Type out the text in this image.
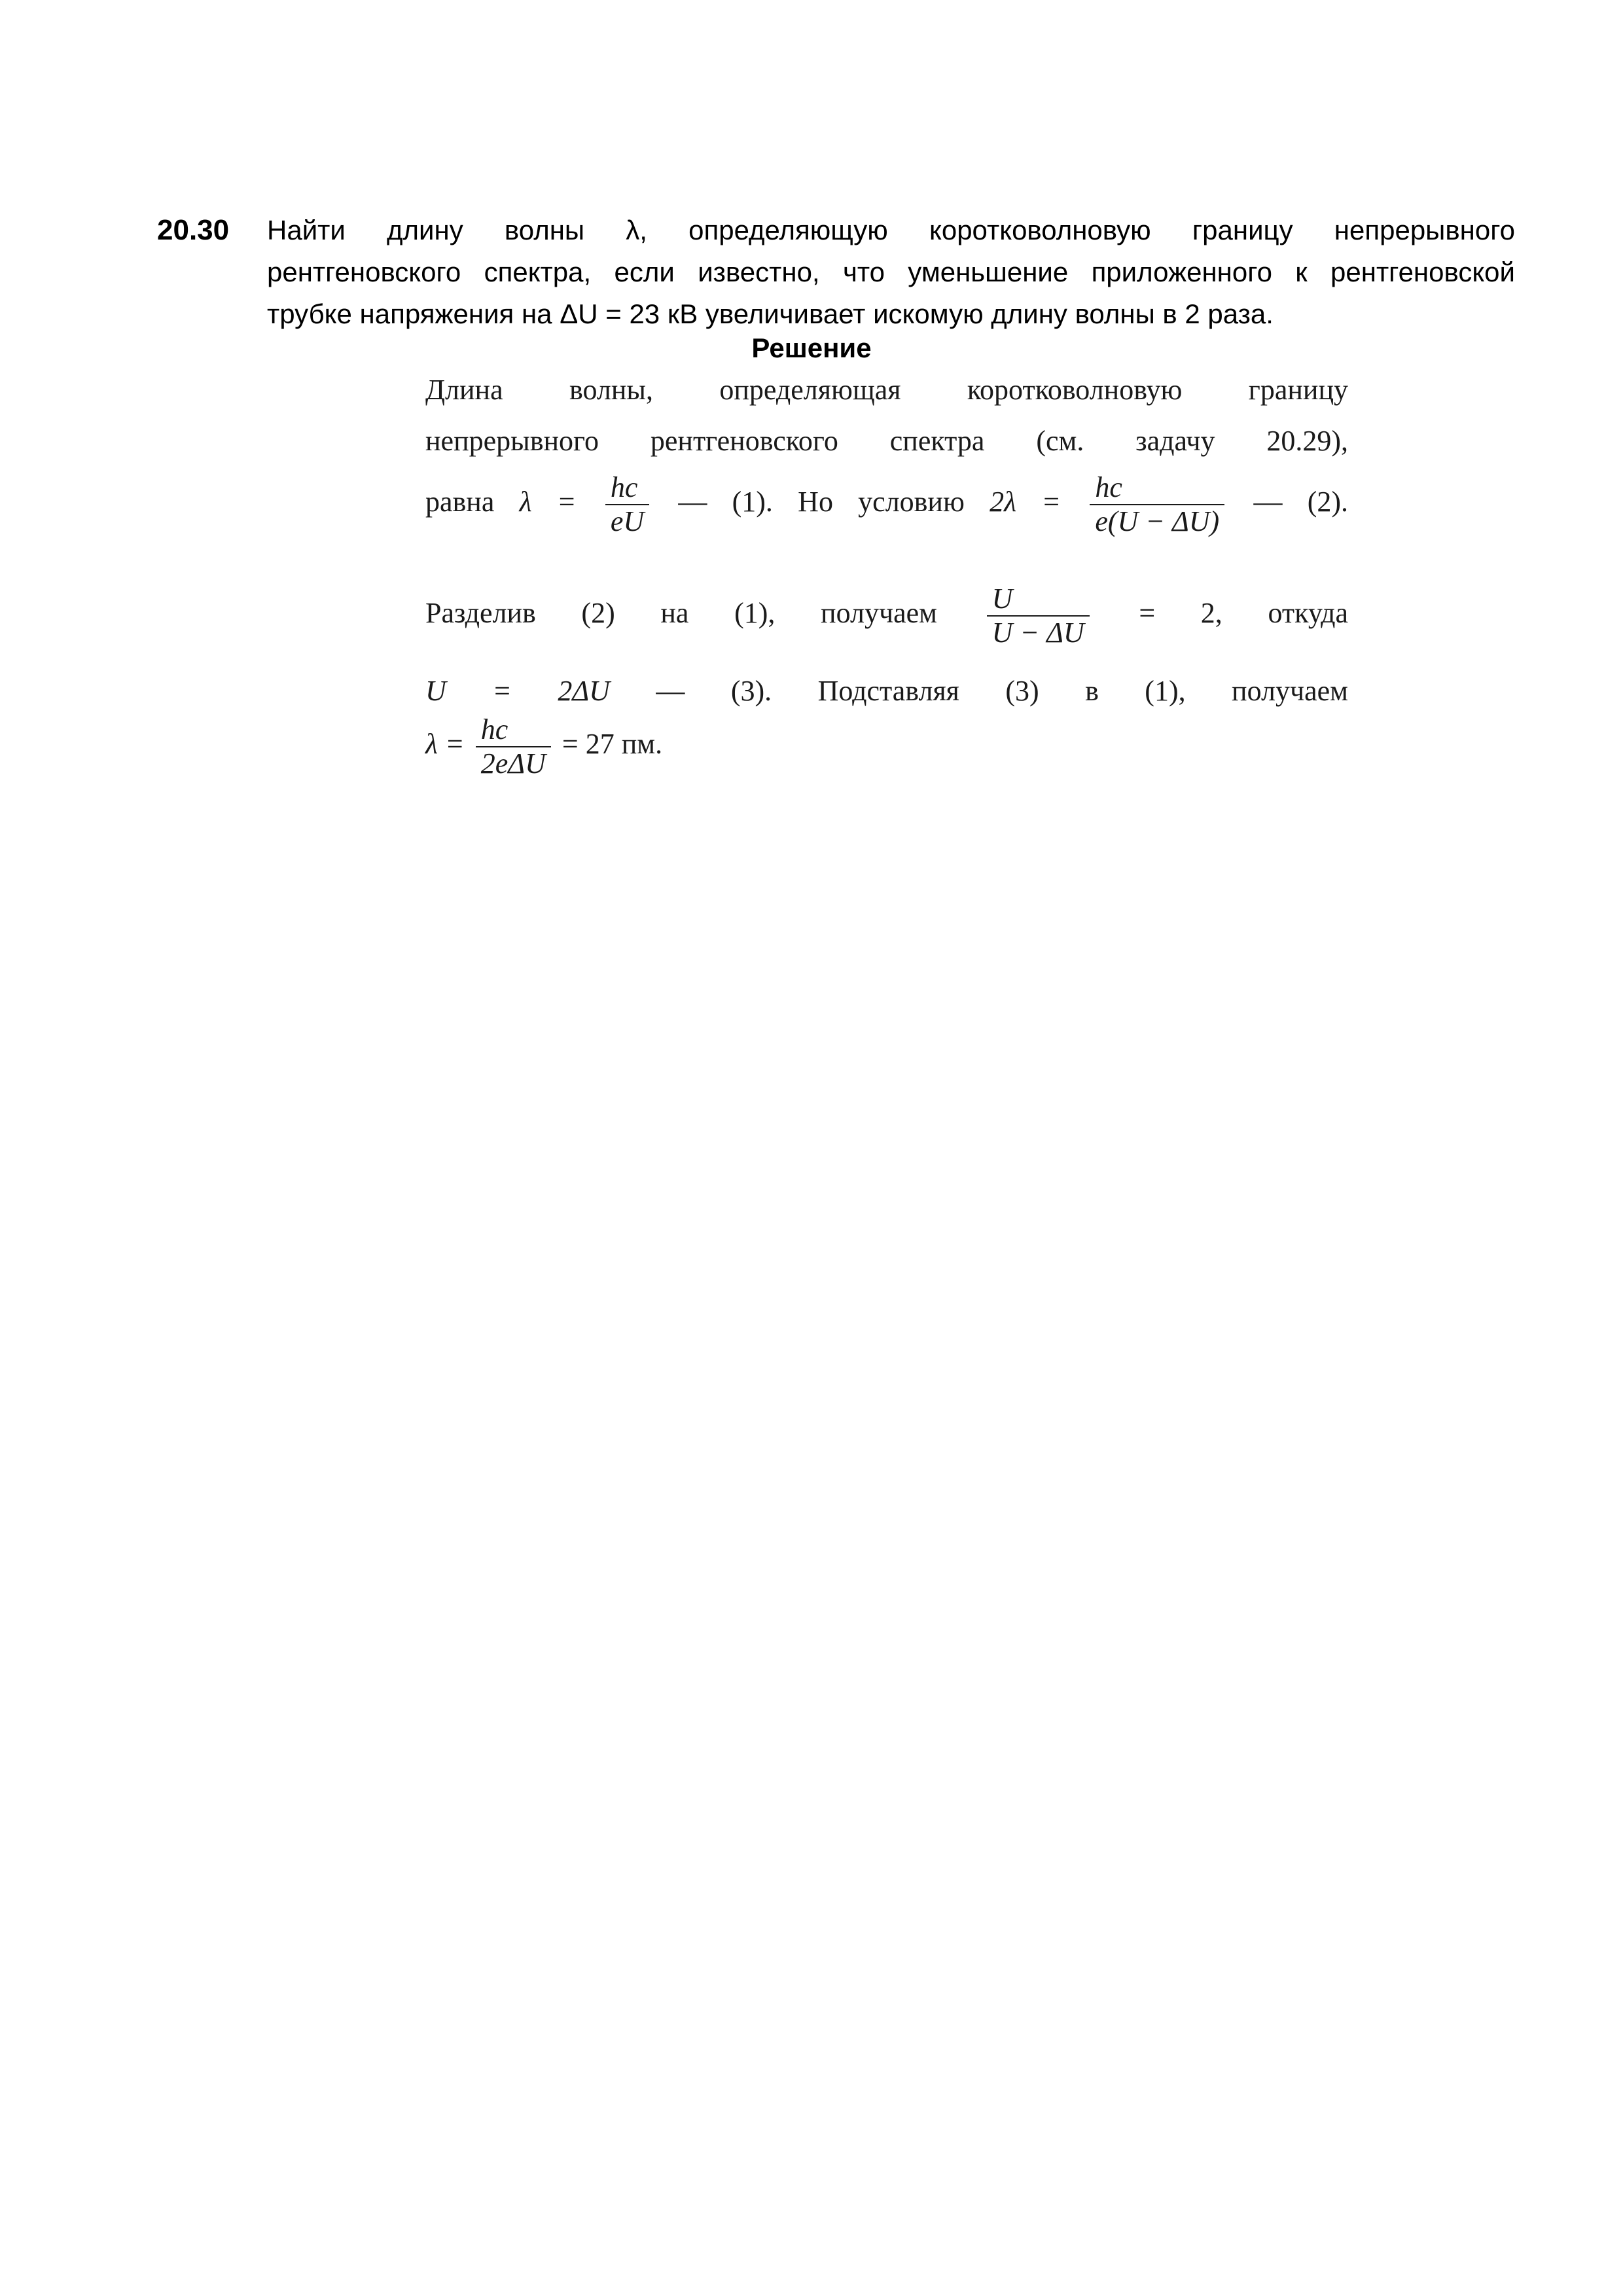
20.30 Найти длину волны λ, определяющую коротковолновую границу непрерывного
рентгеновского спектра, если известно, что уменьшение приложенного к рентгеновской
трубке напряжения на ΔU = 23 кВ увеличивает искомую длину волны в 2 раза.
Решение
Длина волны, определяющая коротковолновую границу
непрерывного рентгеновского спектра (см. задачу 20.29),
равна $\lambda = \frac{hc}{eU}$ — (1). Но условию $2\lambda = \frac{hc}{e(U - \Delta U)}$ — (2).
Разделив (2) на (1), получаем $\frac{U}{U - \Delta U} = 2$, откуда
U = 2ΔU — (3). Подставляя (3) в (1), получаем
$\lambda = \frac{hc}{\text{2eΔU}} = 27$ пм.
